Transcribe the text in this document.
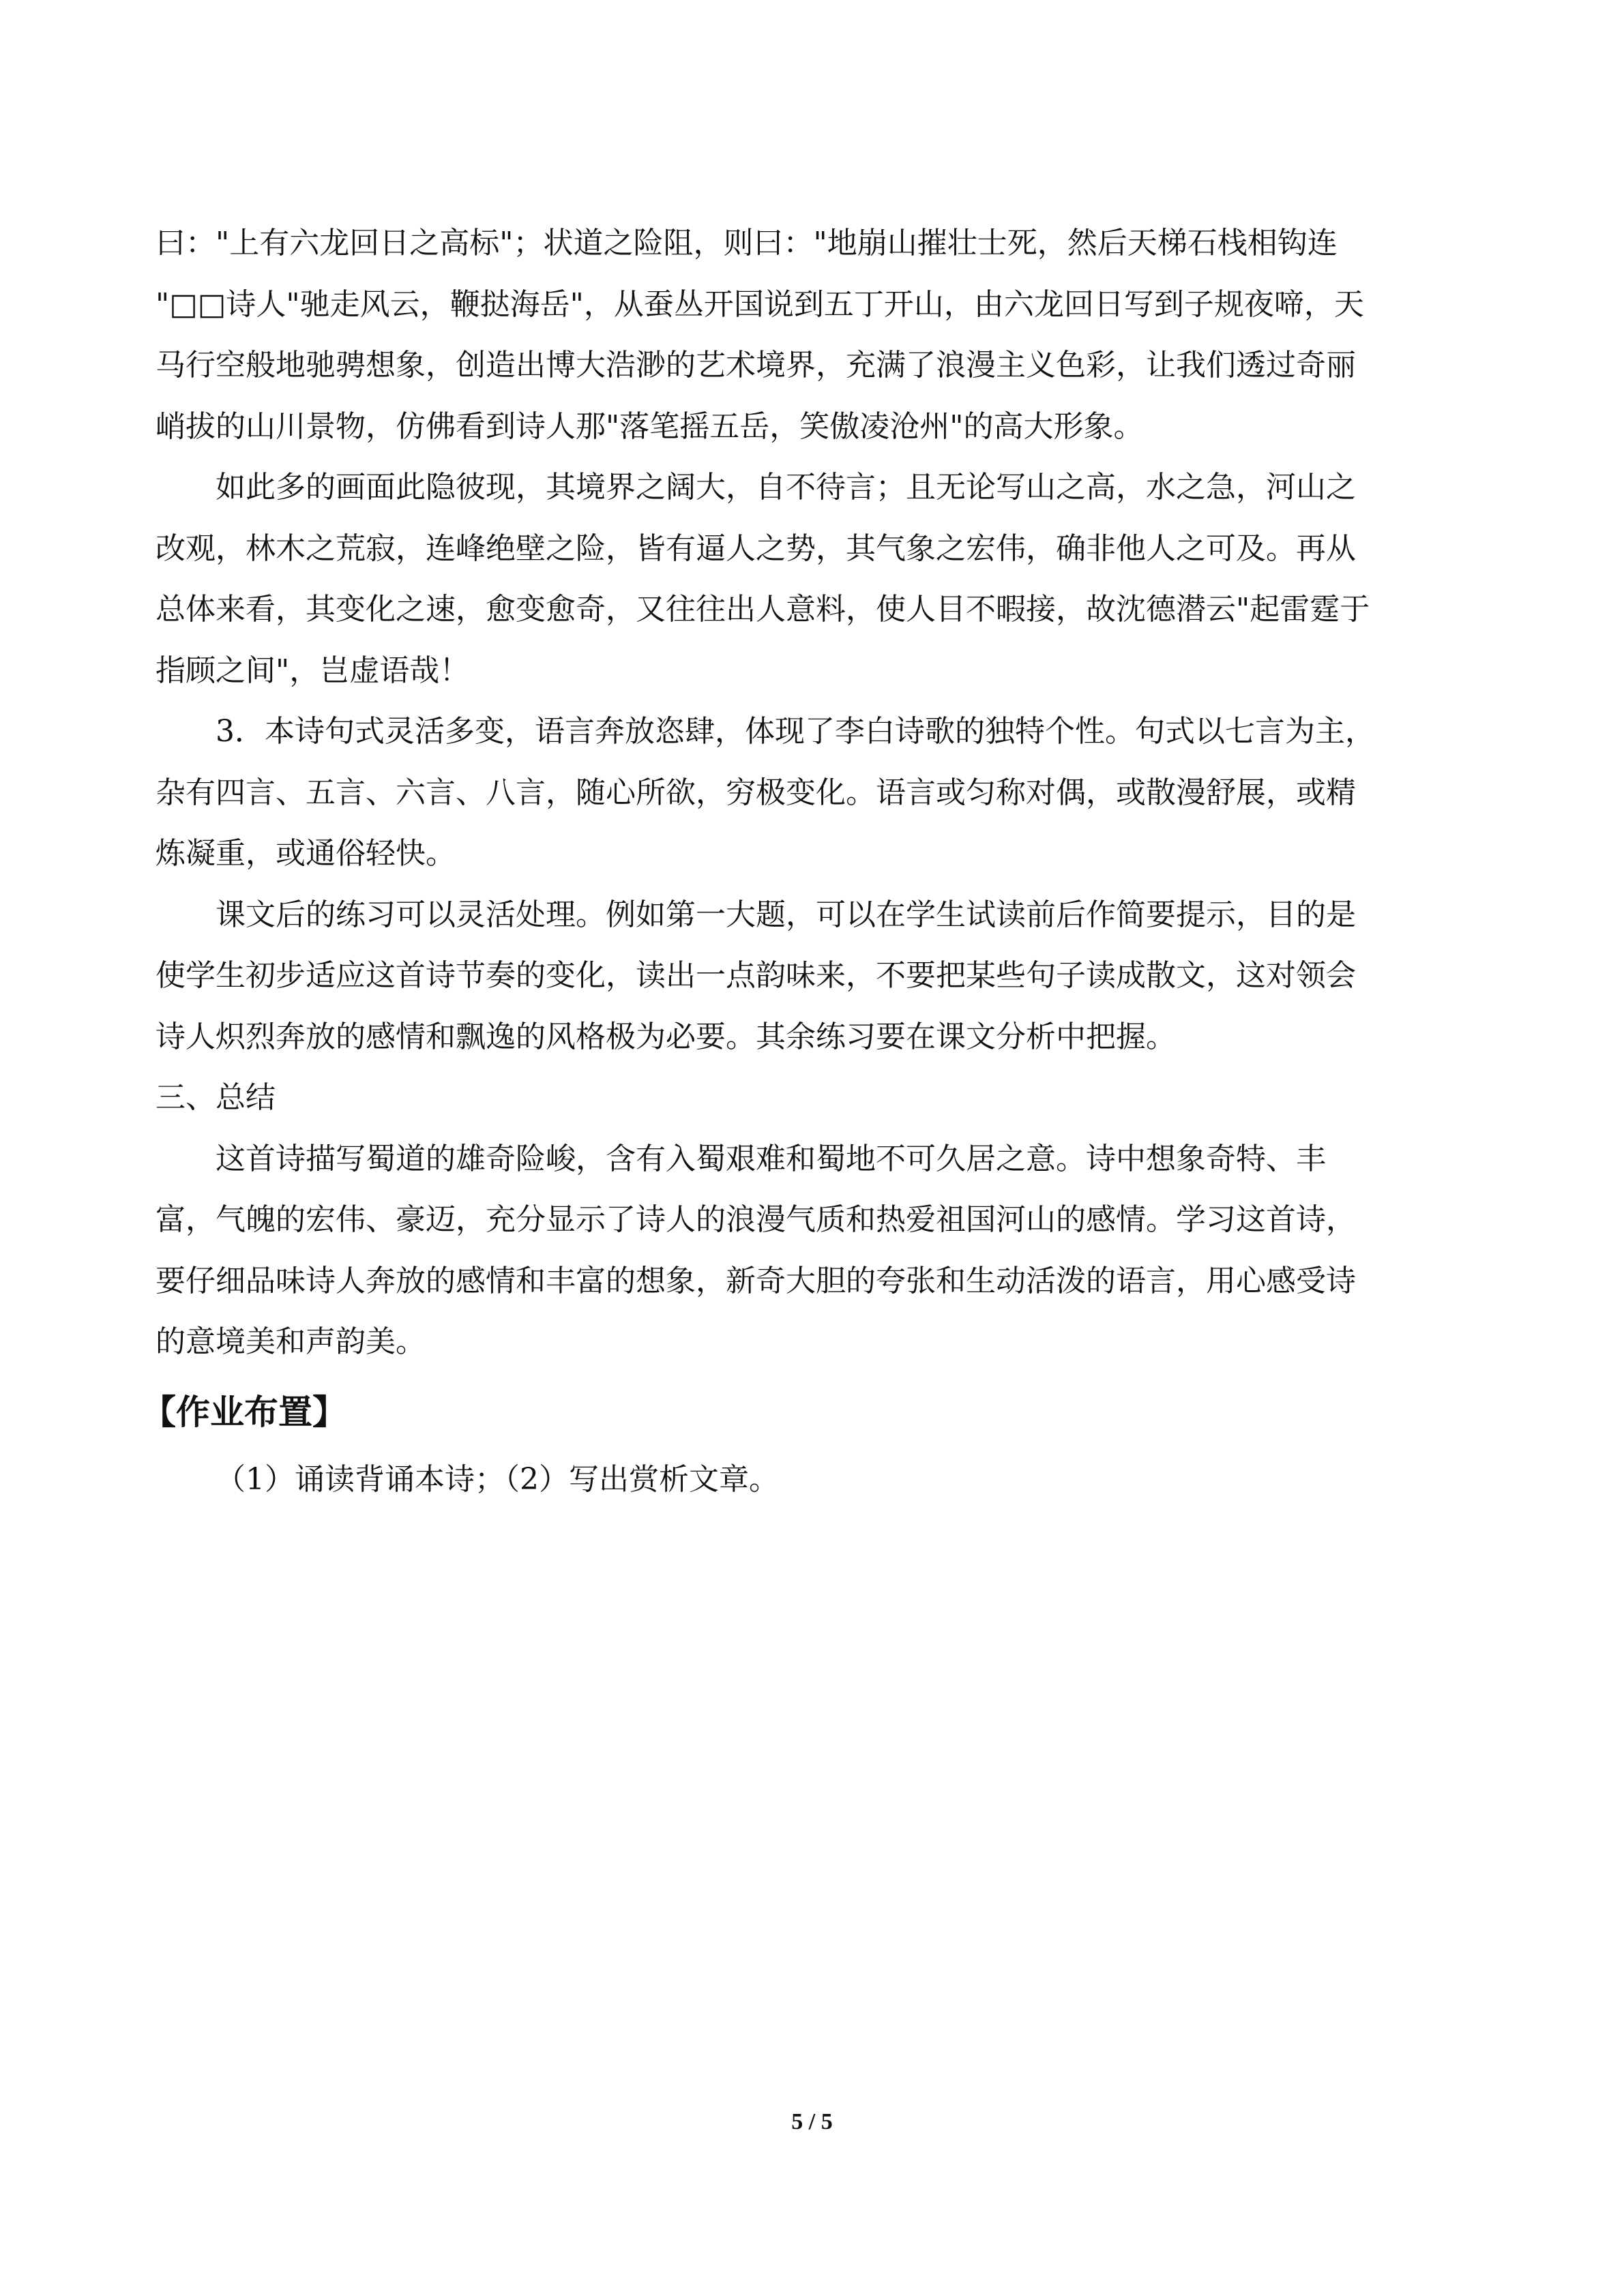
曰："上有六龙回日之高标"；状道之险阻，则曰："地崩山摧壮士死，然后天梯石栈相钩连
"□□诗人"驰走风云，鞭挞海岳"，从蚕丛开国说到五丁开山，由六龙回日写到子规夜啼，天
马行空般地驰骋想象，创造出博大浩渺的艺术境界，充满了浪漫主义色彩，让我们透过奇丽
峭拔的山川景物，仿佛看到诗人那"落笔摇五岳，笑傲凌沧州"的高大形象。
如此多的画面此隐彼现，其境界之阔大，自不待言；且无论写山之高，水之急，河山之
改观，林木之荒寂，连峰绝壁之险，皆有逼人之势，其气象之宏伟，确非他人之可及。再从
总体来看，其变化之速，愈变愈奇，又往往出人意料，使人目不暇接，故沈德潜云"起雷霆于
指顾之间"，岂虚语哉！
3．本诗句式灵活多变，语言奔放恣肆，体现了李白诗歌的独特个性。句式以七言为主，
杂有四言、五言、六言、八言，随心所欲，穷极变化。语言或匀称对偶，或散漫舒展，或精
炼凝重，或通俗轻快。
课文后的练习可以灵活处理。例如第一大题，可以在学生试读前后作简要提示，目的是
使学生初步适应这首诗节奏的变化，读出一点韵味来，不要把某些句子读成散文，这对领会
诗人炽烈奔放的感情和飘逸的风格极为必要。其余练习要在课文分析中把握。
三、总结
这首诗描写蜀道的雄奇险峻，含有入蜀艰难和蜀地不可久居之意。诗中想象奇特、丰
富，气魄的宏伟、豪迈，充分显示了诗人的浪漫气质和热爱祖国河山的感情。学习这首诗，
要仔细品味诗人奔放的感情和丰富的想象，新奇大胆的夸张和生动活泼的语言，用心感受诗
的意境美和声韵美。
【作业布置】
（1）诵读背诵本诗；（2）写出赏析文章。
5 / 5
